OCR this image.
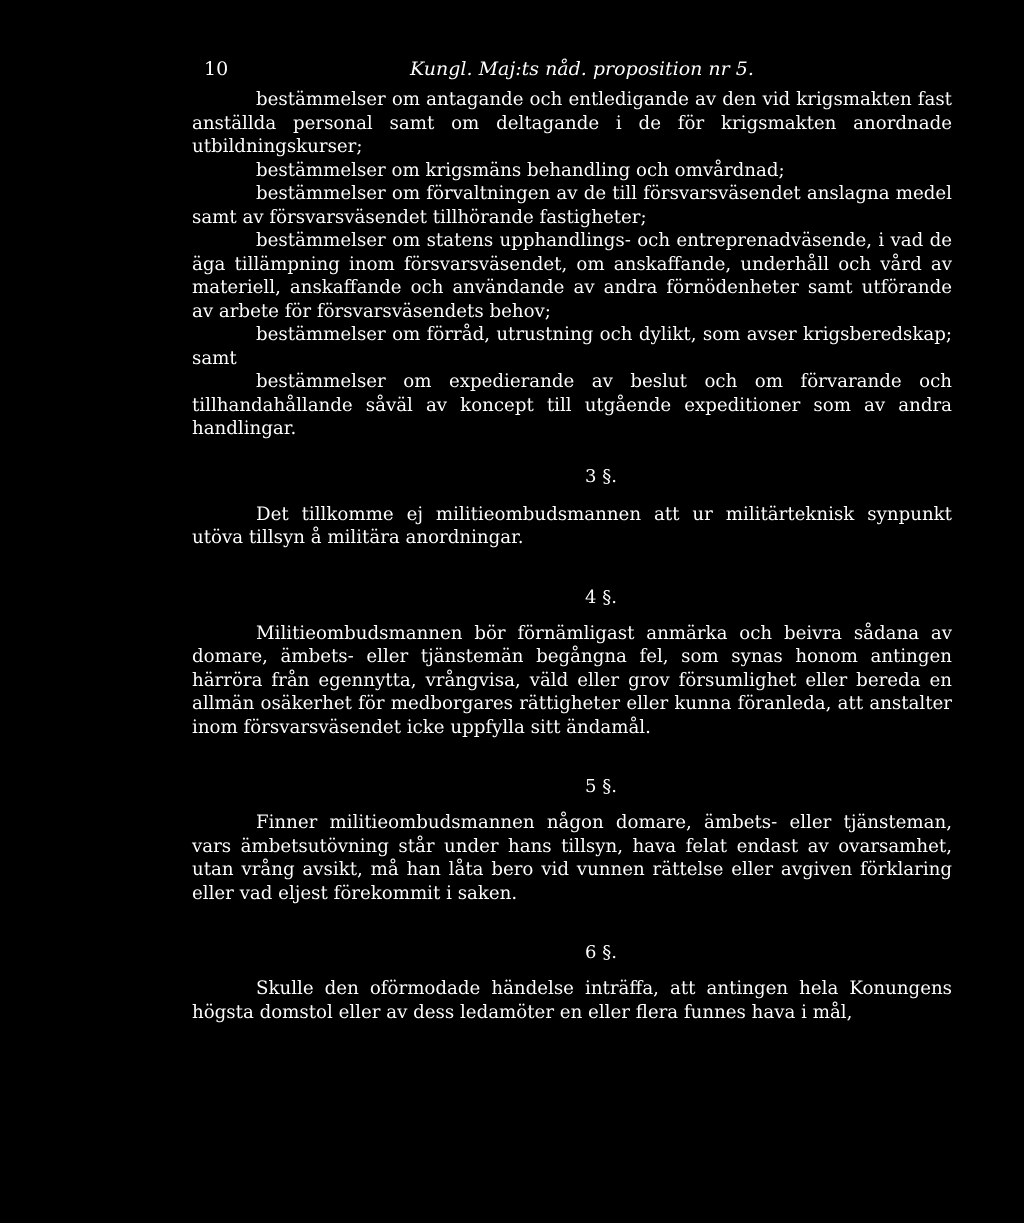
10	Kungl. Maj:ts nåd. proposition nr 5.

bestämmelser om antagande och entledigande av den vid krigsmakten fast anställda personal samt om deltagande i de för krigsmakten anordnade utbildningskurser;

bestämmelser om krigsmäns behandling och omvårdnad;

bestämmelser om förvaltningen av de till försvarsväsendet anslagna medel samt av försvarsväsendet tillhörande fastigheter;

bestämmelser om statens upphandlings- och entreprenadväsende, i vad de äga tillämpning inom försvarsväsendet, om anskaffande, underhåll och vård av materiell, anskaffande och användande av andra förnödenheter samt utförande av arbete för försvarsväsendets behov;

bestämmelser om förråd, utrustning och dylikt, som avser krigsberedskap; samt

bestämmelser om expedierande av beslut och om förvarande och tillhandahållande såväl av koncept till utgående expeditioner som av andra handlingar.

3 §.

Det tillkomme ej militieombudsmannen att ur militärteknisk synpunkt utöva tillsyn å militära anordningar.

4 §.

Militieombudsmannen bör förnämligast anmärka och beivra sådana av domare, ämbets- eller tjänstemän begångna fel, som synas honom antingen härröra från egennytta, vrångvisa, väld eller grov försumlighet eller bereda en allmän osäkerhet för medborgares rättigheter eller kunna föranleda, att anstalter inom försvarsväsendet icke uppfylla sitt ändamål.

5 §.

Finner militieombudsmannen någon domare, ämbets- eller tjänsteman, vars ämbetsutövning står under hans tillsyn, hava felat endast av ovarsamhet, utan vrång avsikt, må han låta bero vid vunnen rättelse eller avgiven förklaring eller vad eljest förekommit i saken.

6 §.

Skulle den oförmodade händelse inträffa, att antingen hela Konungens högsta domstol eller av dess ledamöter en eller flera funnes hava i mål,
